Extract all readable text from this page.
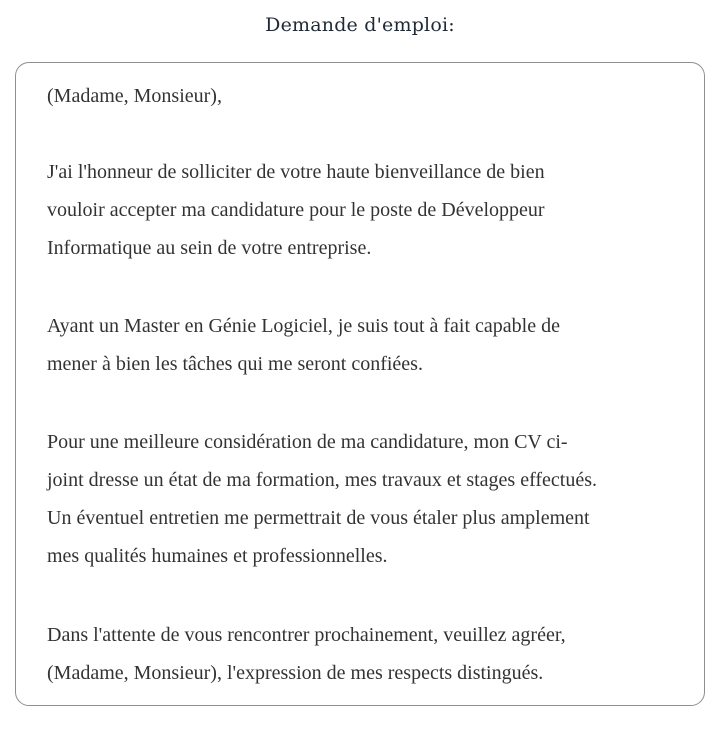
Demande d'emploi:

(Madame, Monsieur),

J'ai l'honneur de solliciter de votre haute bienveillance de bien
vouloir accepter ma candidature pour le poste de Développeur
Informatique au sein de votre entreprise.

Ayant un Master en Génie Logiciel, je suis tout à fait capable de
mener à bien les tâches qui me seront confiées.

Pour une meilleure considération de ma candidature, mon CV ci-
joint dresse un état de ma formation, mes travaux et stages effectués.
Un éventuel entretien me permettrait de vous étaler plus amplement
mes qualités humaines et professionnelles.

Dans l'attente de vous rencontrer prochainement, veuillez agréer,
(Madame, Monsieur), l'expression de mes respects distingués.
